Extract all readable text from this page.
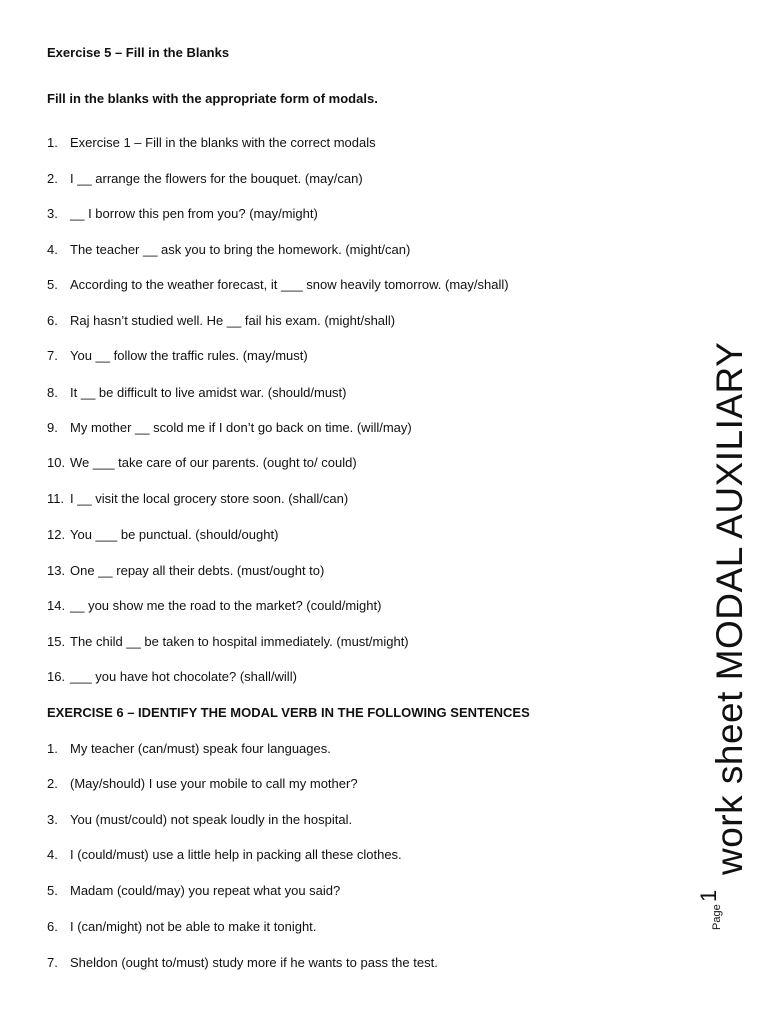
Exercise 5 – Fill in the Blanks
Fill in the blanks with the appropriate form of modals.
1. Exercise 1 – Fill in the blanks with the correct modals
2. I __ arrange the flowers for the bouquet. (may/can)
3. __ I borrow this pen from you? (may/might)
4. The teacher __ ask you to bring the homework. (might/can)
5. According to the weather forecast, it ___ snow heavily tomorrow. (may/shall)
6. Raj hasn’t studied well. He __ fail his exam. (might/shall)
7. You __ follow the traffic rules. (may/must)
8. It __ be difficult to live amidst war. (should/must)
9. My mother __ scold me if I don’t go back on time. (will/may)
10. We ___ take care of our parents. (ought to/ could)
11. I __ visit the local grocery store soon. (shall/can)
12. You ___ be punctual. (should/ought)
13. One __ repay all their debts. (must/ought to)
14. __ you show me the road to the market? (could/might)
15. The child __ be taken to hospital immediately. (must/might)
16. ___ you have hot chocolate? (shall/will)
EXERCISE 6 – IDENTIFY THE MODAL VERB IN THE FOLLOWING SENTENCES
1. My teacher (can/must) speak four languages.
2. (May/should) I use your mobile to call my mother?
3. You (must/could) not speak loudly in the hospital.
4. I (could/must) use a little help in packing all these clothes.
5. Madam (could/may) you repeat what you said?
6. I (can/might) not be able to make it tonight.
7. Sheldon (ought to/must) study more if he wants to pass the test.
work sheet MODAL AUXILIARY
1
Page
